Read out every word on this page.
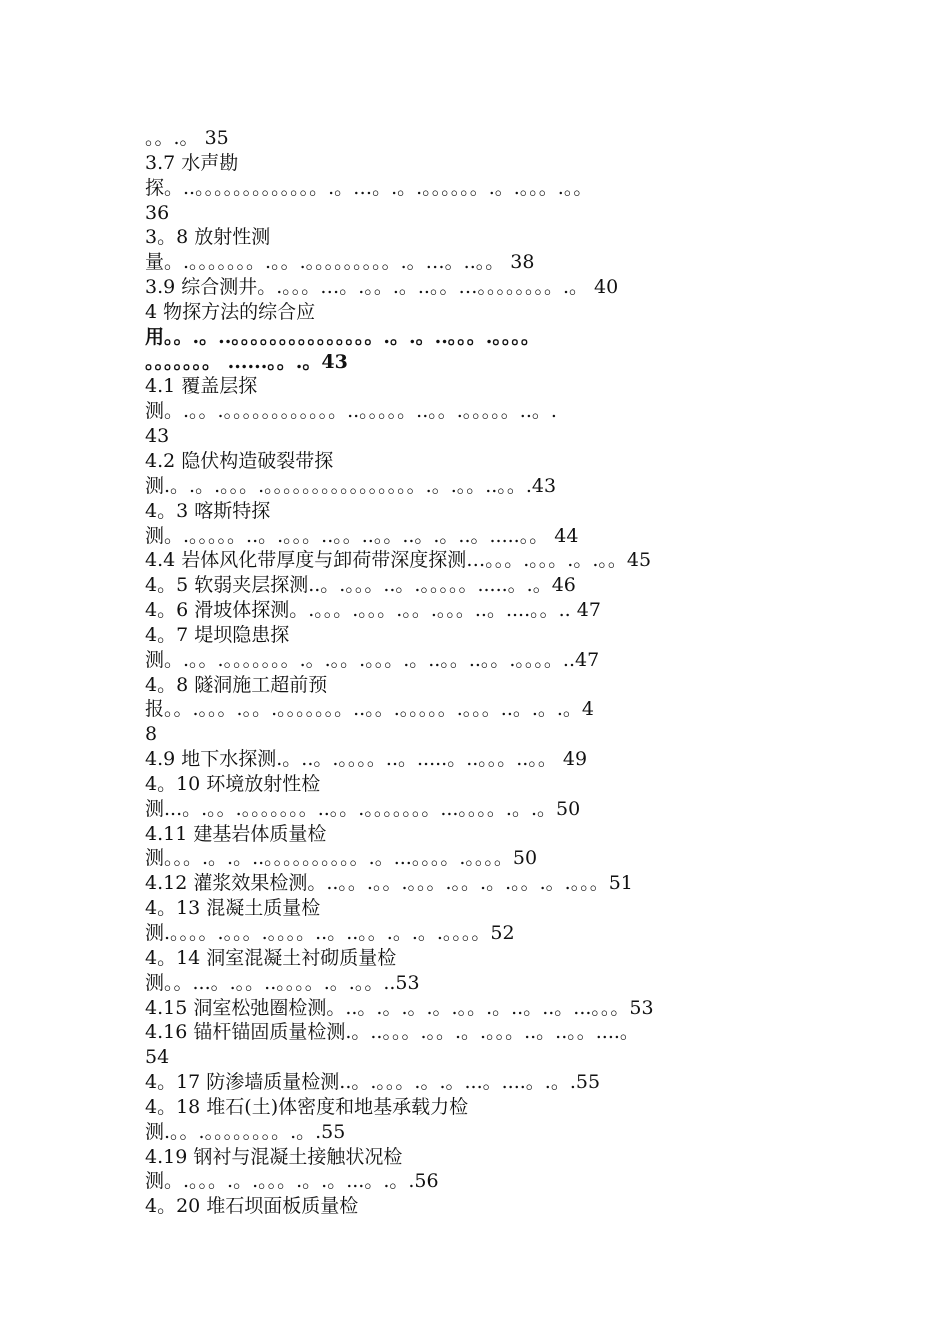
。。.。 35
3.7 水声勘
探。..。。。。。。。。。。。。。.。…。.。.。。。。。。.。.。。。.。。
36
3。8 放射性测
量。.。。。。。。。.。。.。。。。。。。。。.。…。..。。 38
3.9 综合测井。.。。。…。.。。.。..。。…。。。。。。。。.。 40
4 物探方法的综合应
用。。.。..。。。。。。。。。。。。。。。.。.。..。。。.。。。。
。。。。。。。 ......。。.。43
4.1 覆盖层探
测。.。。.。。。。。。。。。。。。..。。。。。..。。.。。。。。..。.
43
4.2 隐伏构造破裂带探
测.。.。.。。。.。。。。。。。。。。。。。。。。.。.。。..。。.43
4。3 喀斯特探
测。.。。。。。..。.。。。..。。..。。..。.。..。.....。。 44
4.4 岩体风化带厚度与卸荷带深度探测…。。。.。。。.。.。。45
4。5 软弱夹层探测..。.。。。..。.。。。。。.....。.。46
4。6 滑坡体探测。.。。。.。。。.。。.。。。..。....。。.. 47
4。7 堤坝隐患探
测。.。。.。。。。。。。.。.。。.。。。.。..。。..。。.。。。。..47
4。8 隧洞施工超前预
报。。.。。。.。。.。。。。。。。..。。.。。。。。.。。。..。.。.。4
8
4.9 地下水探测.。..。.。。。。..。.....。..。。。..。。 49
4。10 环境放射性检
测...。.。。.。。。。。。。..。。.。。。。。。。...。。。。.。.。50
4.11 建基岩体质量检
测。。。.。.。..。。。。。。。。。。.。...。。。。.。。。。50
4.12 灌浆效果检测。..。。.。。.。。。.。。.。.。。.。.。。。51
4。13 混凝土质量检
测.。。。。.。。。.。。。。..。..。。.。.。.。。。。52
4。14 洞室混凝土衬砌质量检
测。。...。.。。..。。。。.。.。。..53
4.15 洞室松弛圈检测。..。.。.。.。.。。.。..。..。...。。。53
4.16 锚杆锚固质量检测.。..。。。.。。.。.。。。..。..。。....。
54
4。17 防渗墙质量检测..。.。。。.。.。...。....。.。.55
4。18 堆石(土)体密度和地基承载力检
测.。。.。。。。。。。。.。.55
4.19 钢衬与混凝土接触状况检
测。.。。。.。.。。。.。.。...。.。.56
4。20 堆石坝面板质量检
